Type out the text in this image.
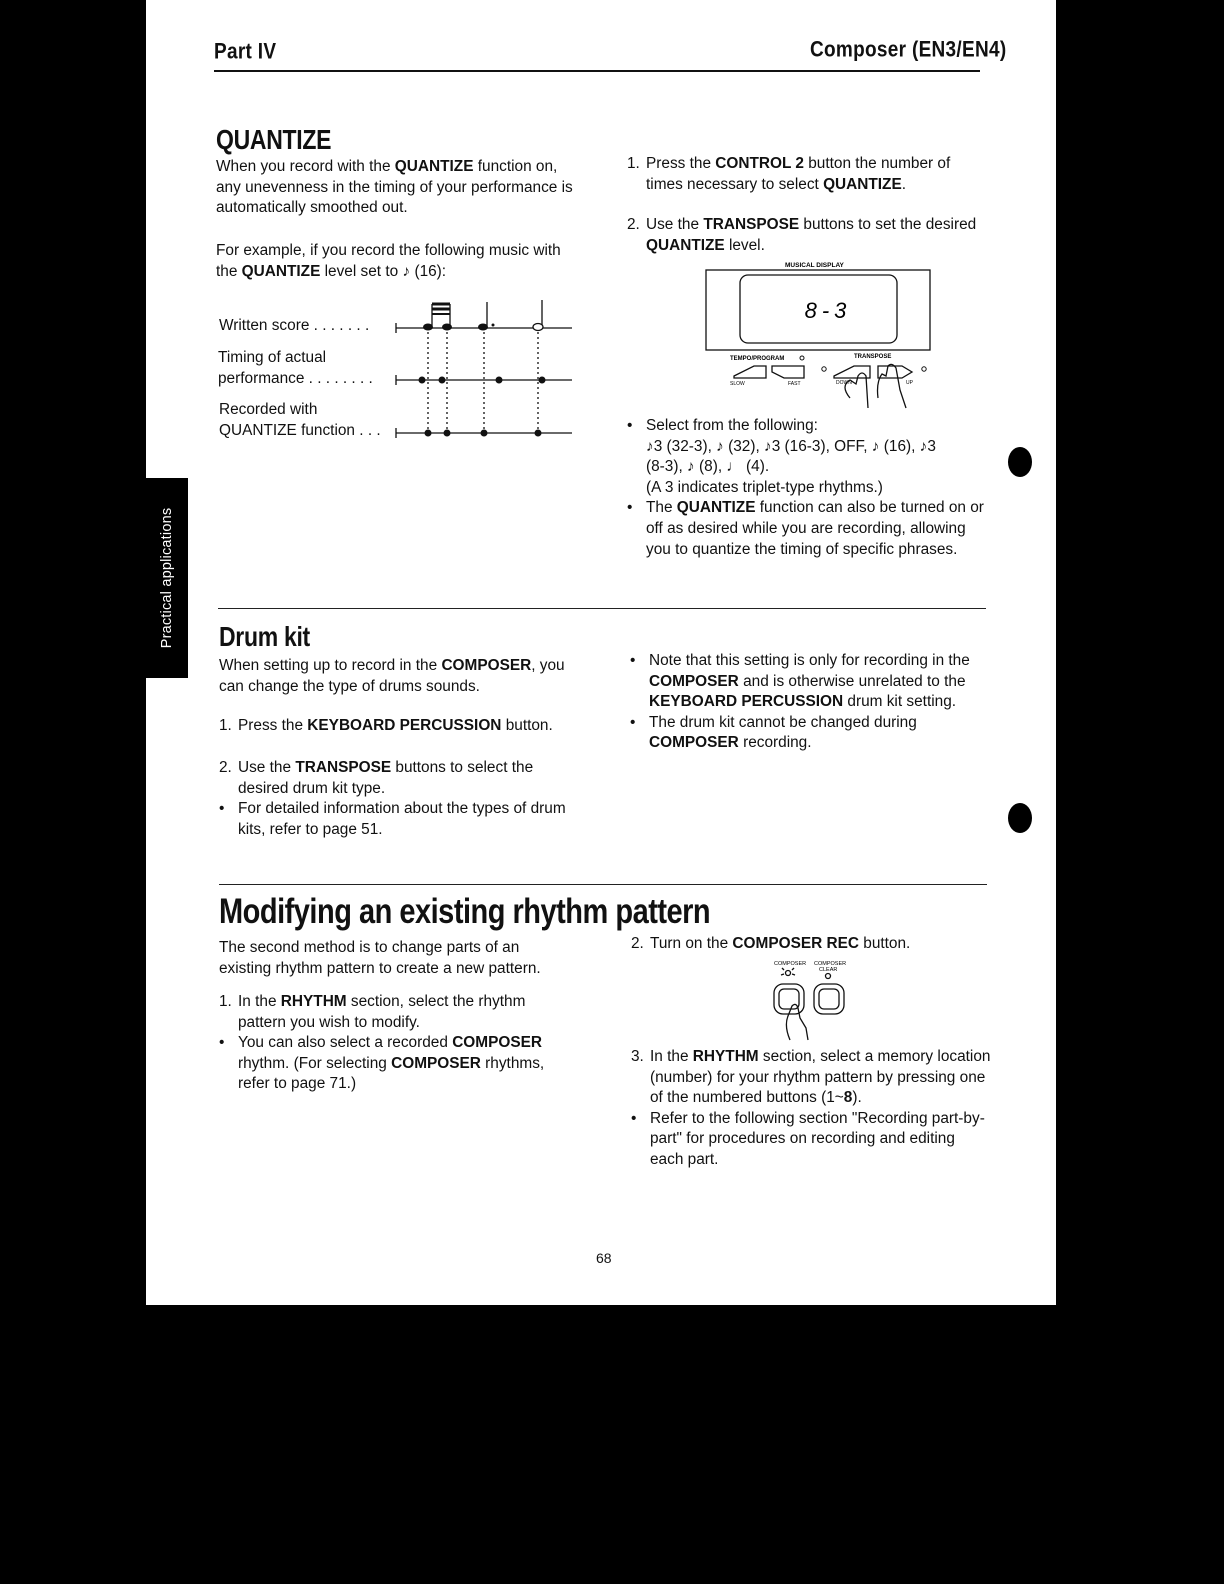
Part IV	Composer (EN3/EN4)
Practical applications
QUANTIZE
When you record with the QUANTIZE function on, any unevenness in the timing of your performance is automatically smoothed out.
For example, if you record the following music with the QUANTIZE level set to ♪ (16):
Written score . . . . . . .
Timing of actual
performance . . . . . . . .
Recorded with
QUANTIZE function . . .
1. Press the CONTROL 2 button the number of times necessary to select QUANTIZE.
2. Use the TRANSPOSE buttons to set the desired QUANTIZE level.
MUSICAL DISPLAY
8-3
TEMPO/PROGRAM	TRANSPOSE
SLOW	FAST	DOWN	UP
• Select from the following:
♪3 (32-3), ♪ (32), ♪3 (16-3), OFF, ♪ (16), ♪3
(8-3), ♪ (8), ♩ (4).
(A 3 indicates triplet-type rhythms.)
• The QUANTIZE function can also be turned on or off as desired while you are recording, allowing you to quantize the timing of specific phrases.
Drum kit
When setting up to record in the COMPOSER, you can change the type of drums sounds.
1. Press the KEYBOARD PERCUSSION button.
2. Use the TRANSPOSE buttons to select the desired drum kit type.
• For detailed information about the types of drum kits, refer to page 51.
• Note that this setting is only for recording in the COMPOSER and is otherwise unrelated to the KEYBOARD PERCUSSION drum kit setting.
• The drum kit cannot be changed during COMPOSER recording.
Modifying an existing rhythm pattern
The second method is to change parts of an existing rhythm pattern to create a new pattern.
1. In the RHYTHM section, select the rhythm pattern you wish to modify.
• You can also select a recorded COMPOSER rhythm. (For selecting COMPOSER rhythms, refer to page 71.)
2. Turn on the COMPOSER REC button.
COMPOSER COMPOSER
CLEAR
3. In the RHYTHM section, select a memory location (number) for your rhythm pattern by pressing one of the numbered buttons (1~8).
• Refer to the following section "Recording part-by-part" for procedures on recording and editing each part.
68
